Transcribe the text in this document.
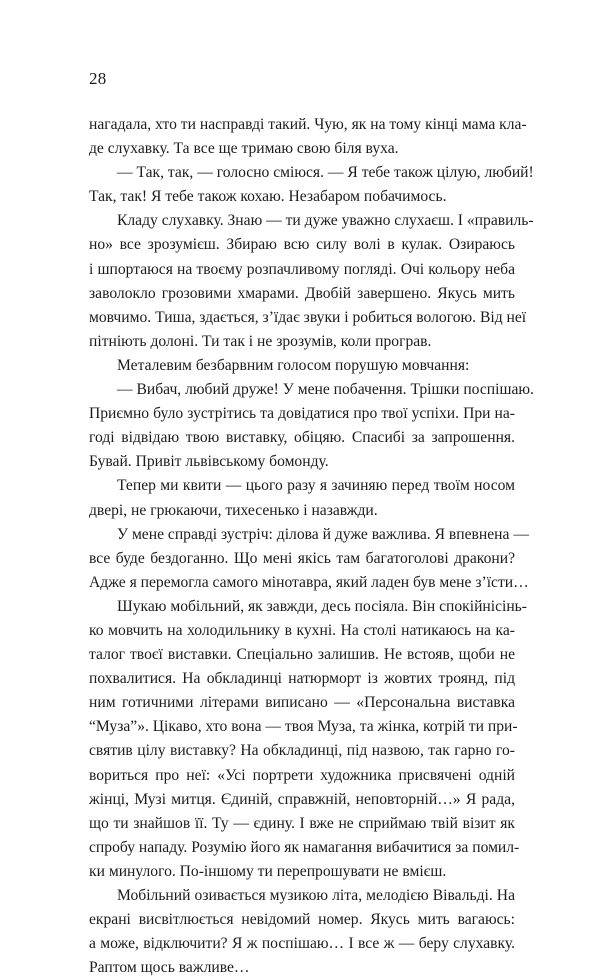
28
нагадала, хто ти насправді такий. Чую, як на тому кінці мама кла-
де слухавку. Та все ще тримаю свою біля вуха.
— Так, так, — голосно сміюся. — Я тебе також цілую, любий!
Так, так! Я тебе також кохаю. Незабаром побачимось.
Кладу слухавку. Знаю — ти дуже уважно слухаєш. І «правиль-
но» все зрозумієш. Збираю всю силу волі в кулак. Озираюсь
і шпортаюся на твоєму розпачливому погляді. Очі кольору неба
заволокло грозовими хмарами. Двобій завершено. Якусь мить
мовчимо. Тиша, здається, з’їдає звуки і робиться вологою. Від неї
пітніють долоні. Ти так і не зрозумів, коли програв.
Металевим безбарвним голосом порушую мовчання:
— Вибач, любий друже! У мене побачення. Трішки поспішаю.
Приємно було зустрітись та довідатися про твої успіхи. При на-
годі відвідаю твою виставку, обіцяю. Спасибі за запрошення.
Бувай. Привіт львівському бомонду.
Тепер ми квити — цього разу я зачиняю перед твоїм носом
двері, не грюкаючи, тихесенько і назавжди.
У мене справді зустріч: ділова й дуже важлива. Я впевнена —
все буде бездоганно. Що мені якісь там багатоголові дракони?
Адже я перемогла самого мінотавра, який ладен був мене з’їсти…
Шукаю мобільний, як завжди, десь посіяла. Він спокійнісінь-
ко мовчить на холодильнику в кухні. На столі натикаюсь на ка-
талог твоєї виставки. Спеціально залишив. Не встояв, щоби не
похвалитися. На обкладинці натюрморт із жовтих троянд, під
ним готичними літерами виписано — «Персональна виставка
“Муза”». Цікаво, хто вона — твоя Муза, та жінка, котрій ти при-
святив цілу виставку? На обкладинці, під назвою, так гарно го-
вориться про неї: «Усі портрети художника присвячені одній
жінці, Музі митця. Єдиній, справжній, неповторній…» Я рада,
що ти знайшов її. Ту — єдину. І вже не сприймаю твій візит як
спробу нападу. Розумію його як намагання вибачитися за помил-
ки минулого. По-іншому ти перепрошувати не вмієш.
Мобільний озивається музикою літа, мелодією Вівальді. На
екрані висвітлюється невідомий номер. Якусь мить вагаюсь:
а може, відключити? Я ж поспішаю… І все ж — беру слухавку.
Раптом щось важливе…
